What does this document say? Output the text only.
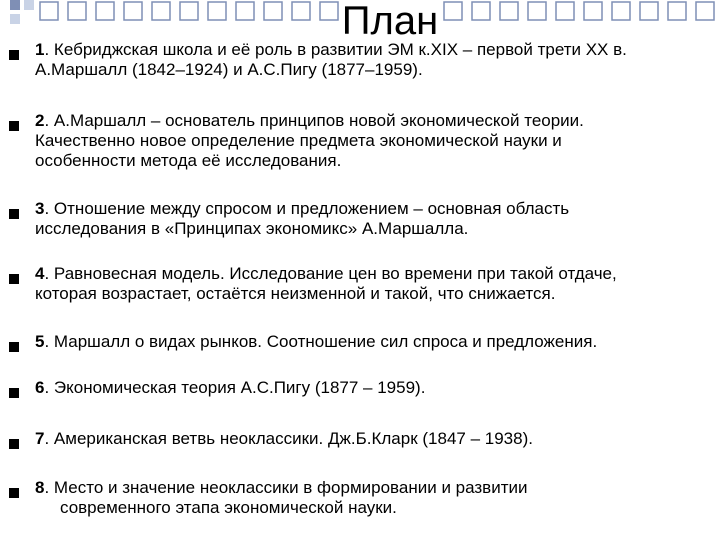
План
1. Кебриджская школа и её роль в развитии ЭМ к.XIX – первой трети XX в.
А.Маршалл (1842–1924) и А.С.Пигу (1877–1959).
2. А.Маршалл – основатель принципов новой экономической теории.
Качественно новое определение предмета экономической науки и
особенности метода её исследования.
3. Отношение между спросом и предложением – основная область
исследования в «Принципах экономикс» А.Маршалла.
4. Равновесная модель. Исследование цен во времени при такой отдаче,
которая возрастает, остаётся неизменной и такой, что снижается.
5. Маршалл о видах рынков. Соотношение сил спроса и предложения.
6. Экономическая теория А.С.Пигу (1877 – 1959).
7. Американская ветвь неоклассики. Дж.Б.Кларк (1847 – 1938).
8. Место и значение неоклассики в формировании и развитии
современного этапа экономической науки.
